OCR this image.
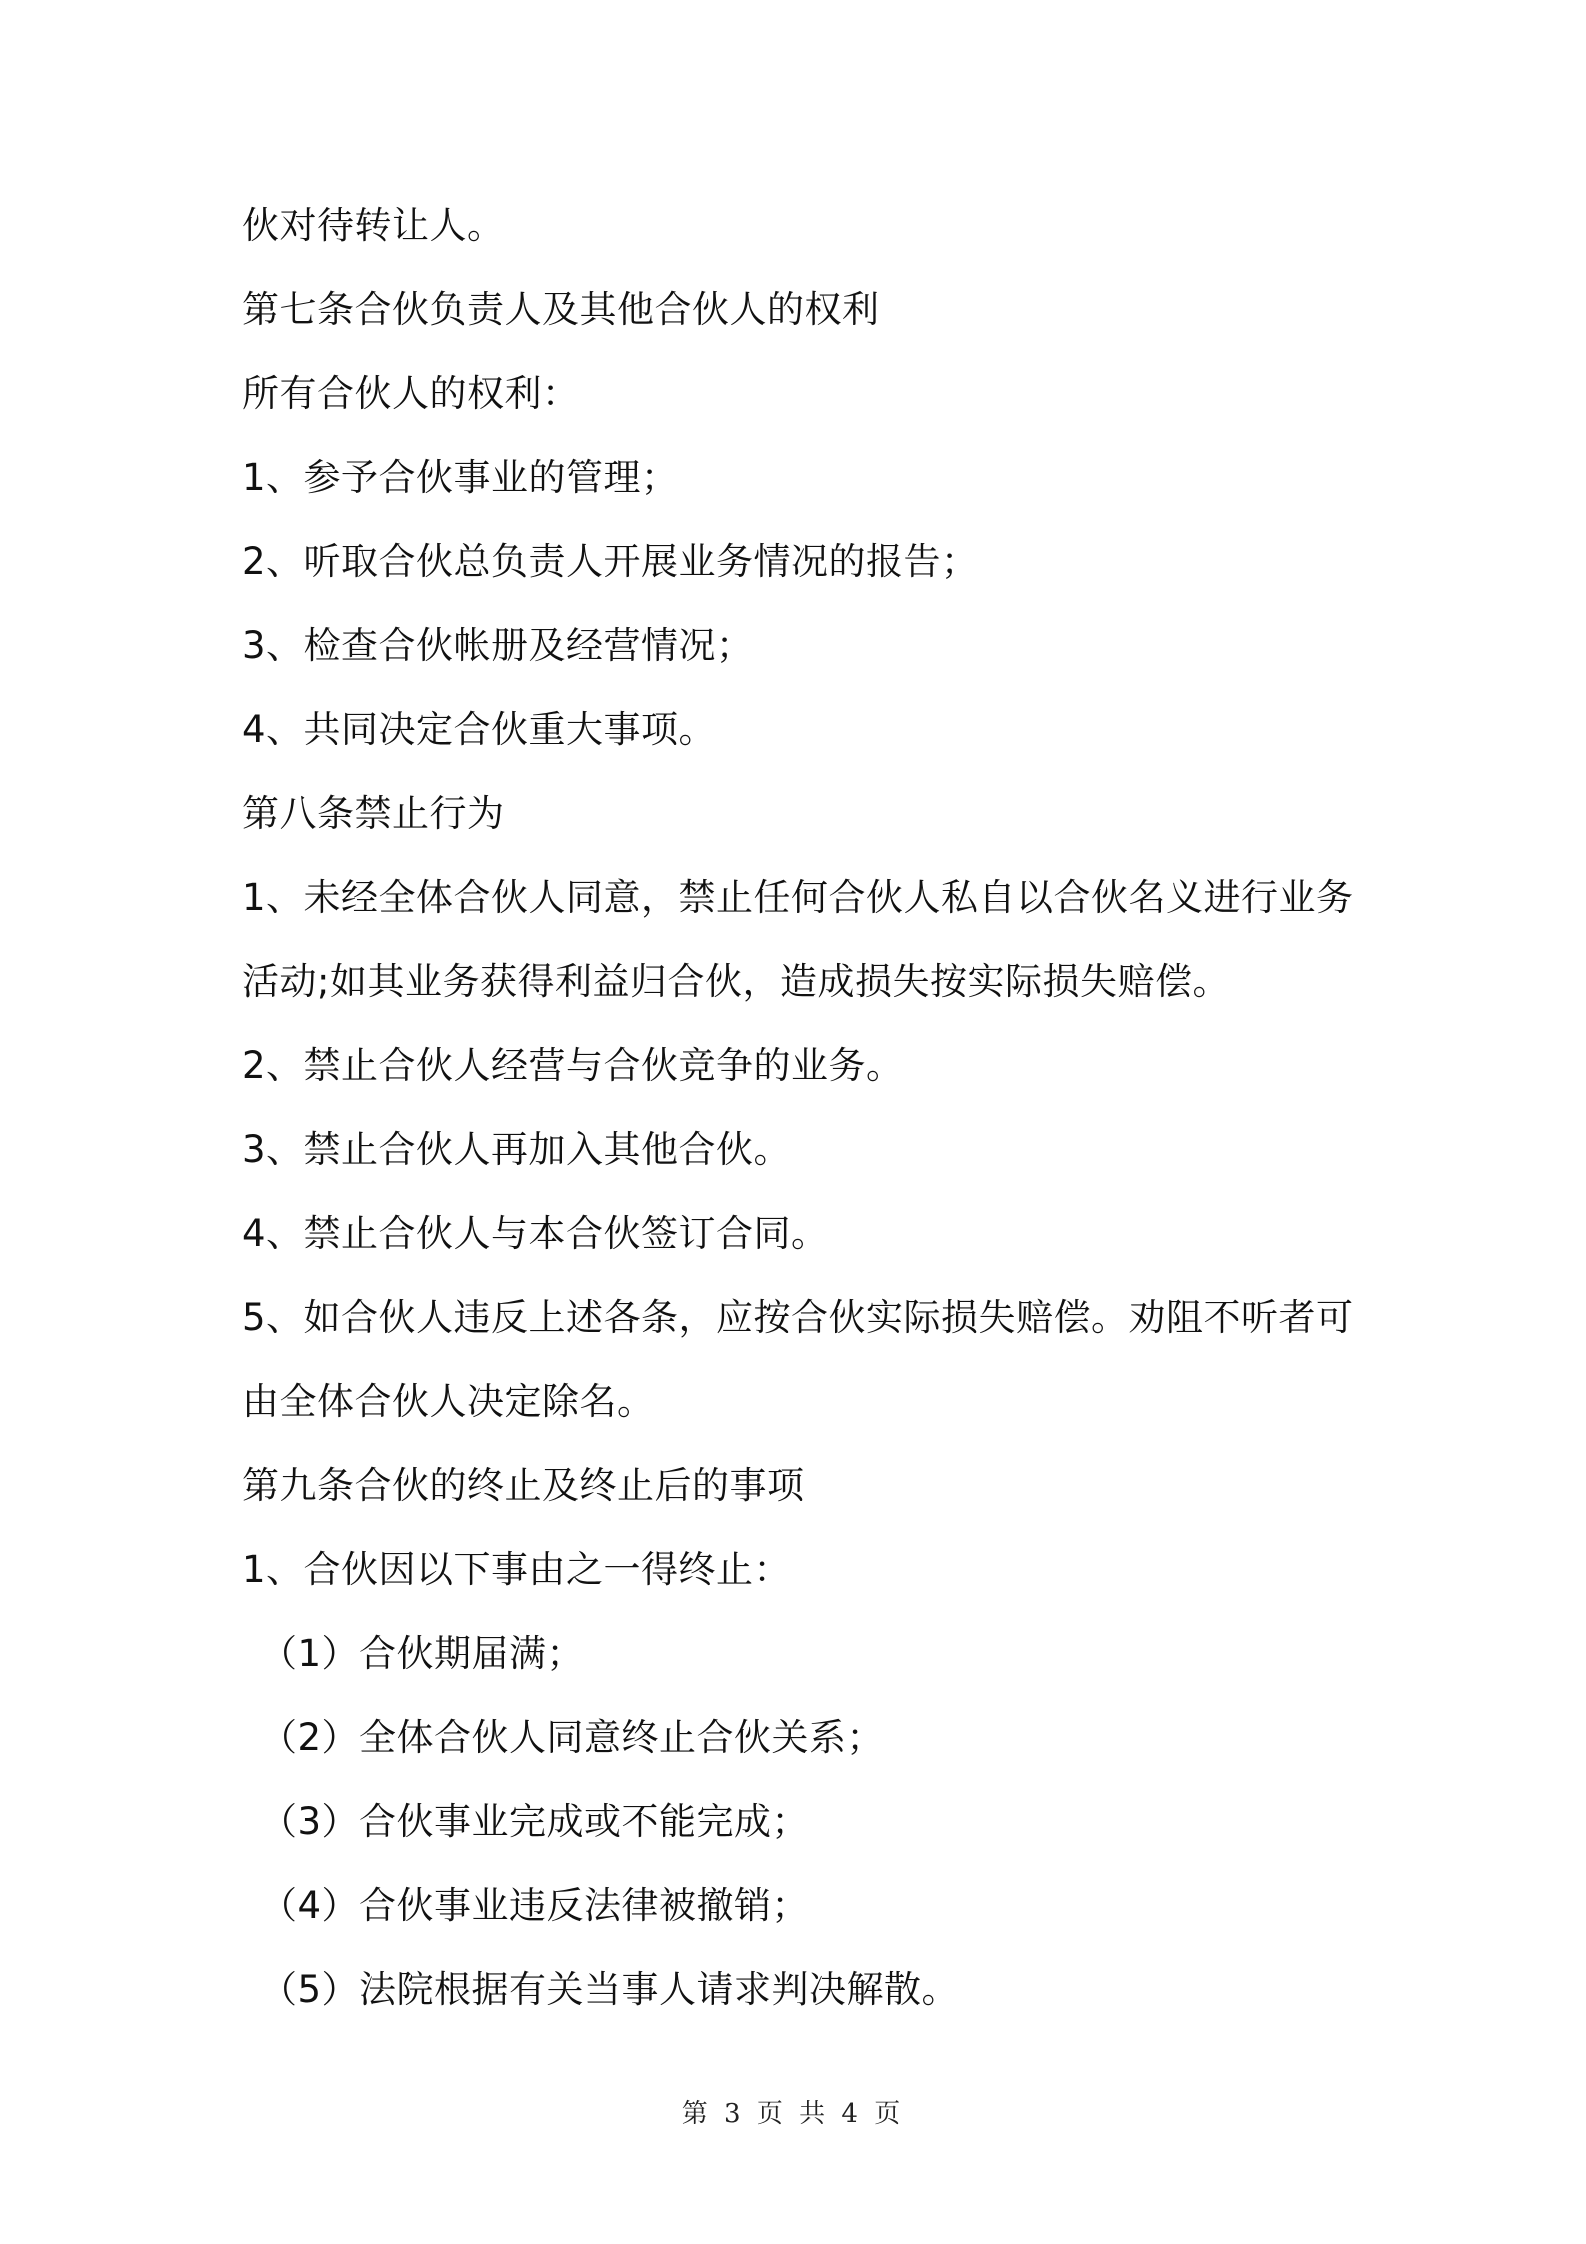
伙对待转让人。
第七条合伙负责人及其他合伙人的权利
所有合伙人的权利：
1、参予合伙事业的管理；
2、听取合伙总负责人开展业务情况的报告；
3、检查合伙帐册及经营情况；
4、共同决定合伙重大事项。
第八条禁止行为
1、未经全体合伙人同意，禁止任何合伙人私自以合伙名义进行业务
活动;如其业务获得利益归合伙，造成损失按实际损失赔偿。
2、禁止合伙人经营与合伙竞争的业务。
3、禁止合伙人再加入其他合伙。
4、禁止合伙人与本合伙签订合同。
5、如合伙人违反上述各条，应按合伙实际损失赔偿。劝阻不听者可
由全体合伙人决定除名。
第九条合伙的终止及终止后的事项
1、合伙因以下事由之一得终止：
（1）合伙期届满；
（2）全体合伙人同意终止合伙关系；
（3）合伙事业完成或不能完成；
（4）合伙事业违反法律被撤销；
（5）法院根据有关当事人请求判决解散。
第 3 页 共 4 页
